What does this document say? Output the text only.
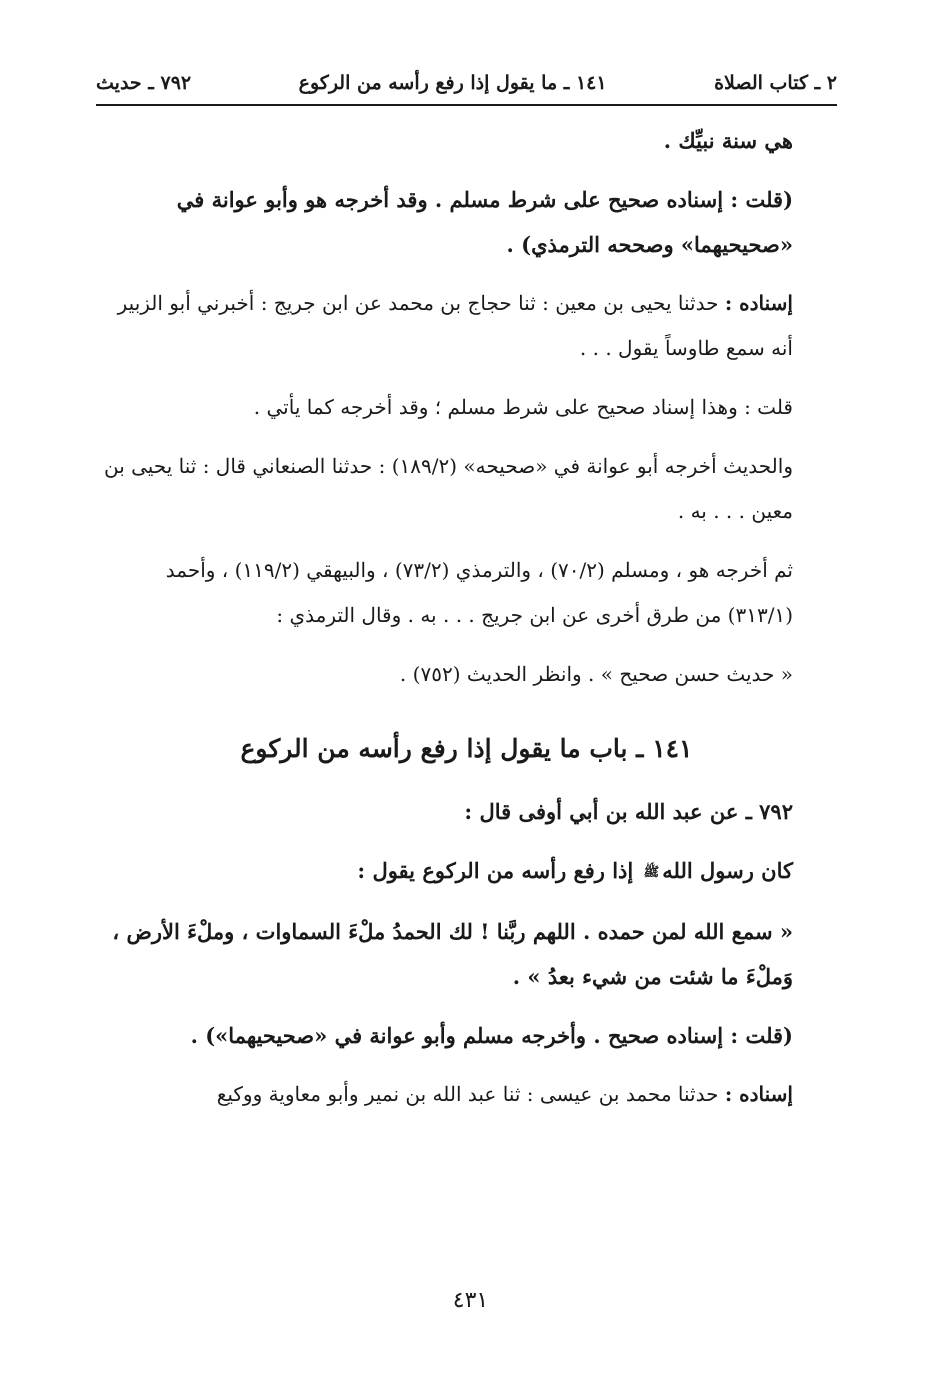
٢ ـ كتاب الصلاة
١٤١ ـ ما يقول إذا رفع رأسه من الركوع
٧٩٢ ـ حديث

هي سنة نبيِّك .

(قلت : إسناده صحيح على شرط مسلم . وقد أخرجه هو وأبو عوانة في «صحيحيهما» وصححه الترمذي) .

إسناده : حدثنا يحيى بن معين : ثنا حجاج بن محمد عن ابن جريج : أخبرني أبو الزبير أنه سمع طاوساً يقول . . .

قلت : وهذا إسناد صحيح على شرط مسلم ؛ وقد أخرجه كما يأتي .

والحديث أخرجه أبو عوانة في «صحيحه» (١٨٩/٢) : حدثنا الصنعاني قال : ثنا يحيى بن معين . . . به .

ثم أخرجه هو ، ومسلم (٧٠/٢) ، والترمذي (٧٣/٢) ، والبيهقي (١١٩/٢) ، وأحمد (٣١٣/١) من طرق أخرى عن ابن جريج . . . به . وقال الترمذي :

« حديث حسن صحيح » . وانظر الحديث (٧٥٢) .

١٤١ ـ باب ما يقول إذا رفع رأسه من الركوع

٧٩٢ ـ عن عبد الله بن أبي أوفى قال :

كان رسول اللهﷺ إذا رفع رأسه من الركوع يقول :

« سمع الله لمن حمده . اللهم ربَّنا ! لك الحمدُ ملْءَ السماوات ، وملْءَ الأرض ، وَملْءَ ما شئت من شيء بعدُ » .

(قلت : إسناده صحيح . وأخرجه مسلم وأبو عوانة في «صحيحيهما») .

إسناده : حدثنا محمد بن عيسى : ثنا عبد الله بن نمير وأبو معاوية ووكيع

٤٣١
